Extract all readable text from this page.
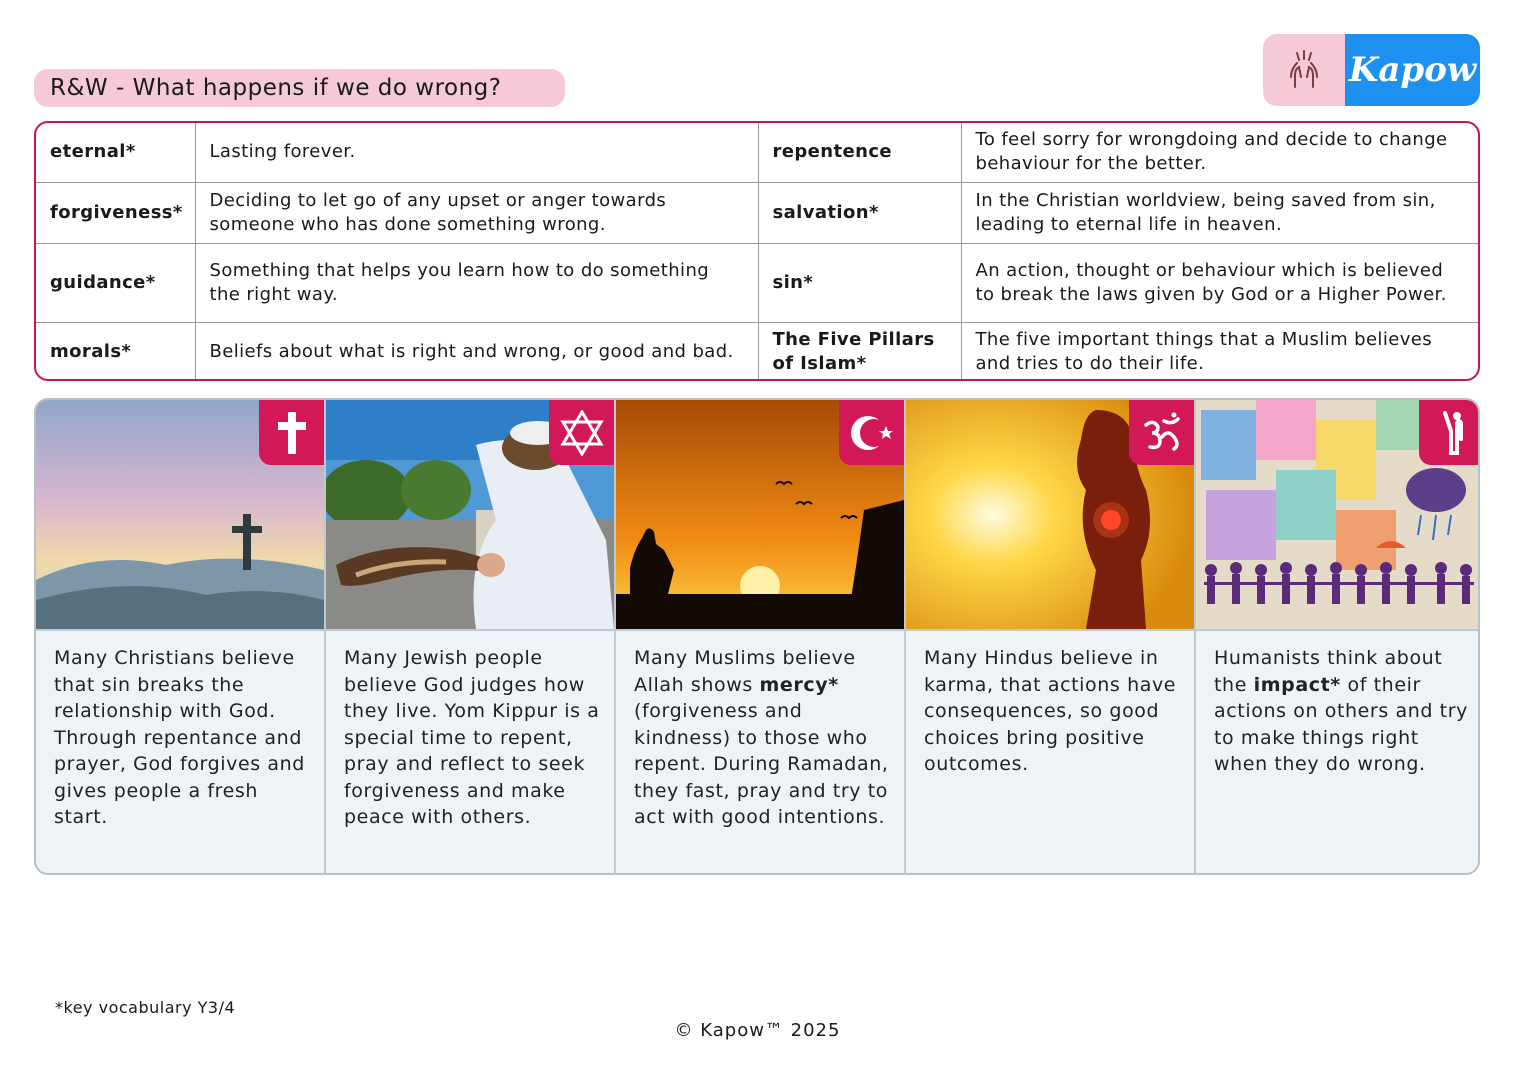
R&W - What happens if we do wrong?	Kapow
eternal*	Lasting forever.	repentence	To feel sorry for wrongdoing and decide to change behaviour for the better.
forgiveness*	Deciding to let go of any upset or anger towards someone who has done something wrong.	salvation*	In the Christian worldview, being saved from sin, leading to eternal life in heaven.
guidance*	Something that helps you learn how to do something the right way.	sin*	An action, thought or behaviour which is believed to break the laws given by God or a Higher Power.
morals*	Beliefs about what is right and wrong, or good and bad.	The Five Pillars of Islam*	The five important things that a Muslim believes and tries to do their life.
Many Christians believe that sin breaks the relationship with God. Through repentance and prayer, God forgives and gives people a fresh start.
Many Jewish people believe God judges how they live. Yom Kippur is a special time to repent, pray and reflect to seek forgiveness and make peace with others.
Many Muslims believe Allah shows mercy* (forgiveness and kindness) to those who repent. During Ramadan, they fast, pray and try to act with good intentions.
Many Hindus believe in karma, that actions have consequences, so good choices bring positive outcomes.
Humanists think about the impact* of their actions on others and try to make things right when they do wrong.
*key vocabulary Y3/4
© Kapow™ 2025
